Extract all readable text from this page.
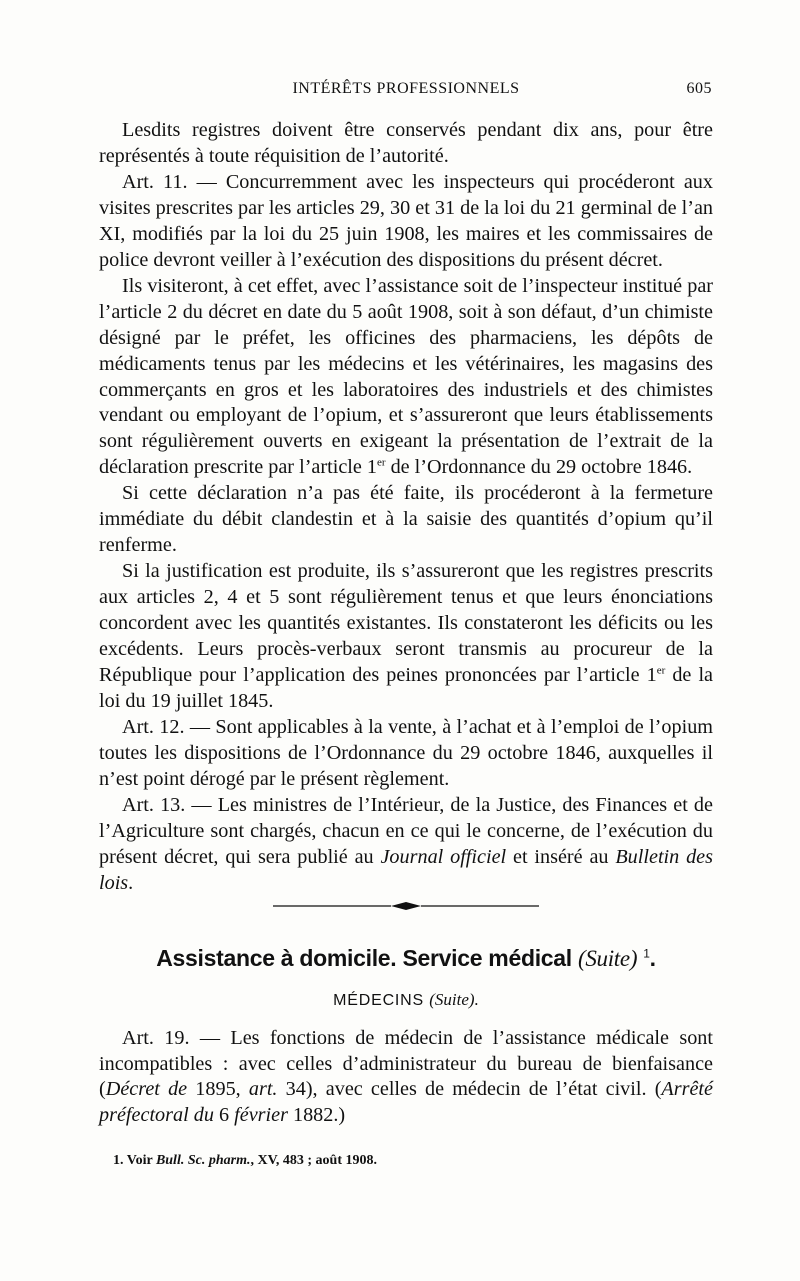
INTÉRÊTS PROFESSIONNELS	605

Lesdits registres doivent être conservés pendant dix ans, pour être représentés à toute réquisition de l’autorité.

Art. 11. — Concurremment avec les inspecteurs qui procéderont aux visites prescrites par les articles 29, 30 et 31 de la loi du 21 germinal de l’an XI, modifiés par la loi du 25 juin 1908, les maires et les commissaires de police devront veiller à l’exécution des dispositions du présent décret.

Ils visiteront, à cet effet, avec l’assistance soit de l’inspecteur institué par l’article 2 du décret en date du 5 août 1908, soit à son défaut, d’un chimiste désigné par le préfet, les officines des pharmaciens, les dépôts de médicaments tenus par les médecins et les vétérinaires, les magasins des commerçants en gros et les laboratoires des industriels et des chimistes vendant ou employant de l’opium, et s’assureront que leurs établissements sont régulièrement ouverts en exigeant la présentation de l’extrait de la déclaration prescrite par l’article 1er de l’Ordonnance du 29 octobre 1846.

Si cette déclaration n’a pas été faite, ils procéderont à la fermeture immédiate du débit clandestin et à la saisie des quantités d’opium qu’il renferme.

Si la justification est produite, ils s’assureront que les registres prescrits aux articles 2, 4 et 5 sont régulièrement tenus et que leurs énonciations concordent avec les quantités existantes. Ils constateront les déficits ou les excédents. Leurs procès-verbaux seront transmis au procureur de la République pour l’application des peines prononcées par l’article 1er de la loi du 19 juillet 1845.

Art. 12. — Sont applicables à la vente, à l’achat et à l’emploi de l’opium toutes les dispositions de l’Ordonnance du 29 octobre 1846, auxquelles il n’est point dérogé par le présent règlement.

Art. 13. — Les ministres de l’Intérieur, de la Justice, des Finances et de l’Agriculture sont chargés, chacun en ce qui le concerne, de l’exécution du présent décret, qui sera publié au Journal officiel et inséré au Bulletin des lois.

Assistance à domicile. Service médical (Suite) $^1$.
MÉDECINS (Suite).

Art. 19. — Les fonctions de médecin de l’assistance médicale sont incompatibles : avec celles d’administrateur du bureau de bienfaisance (Décret de 1895, art. 34), avec celles de médecin de l’état civil. (Arrêté préfectoral du 6 février 1882.)

1. Voir Bull. Sc. pharm., XV, 483 ; août 1908.
